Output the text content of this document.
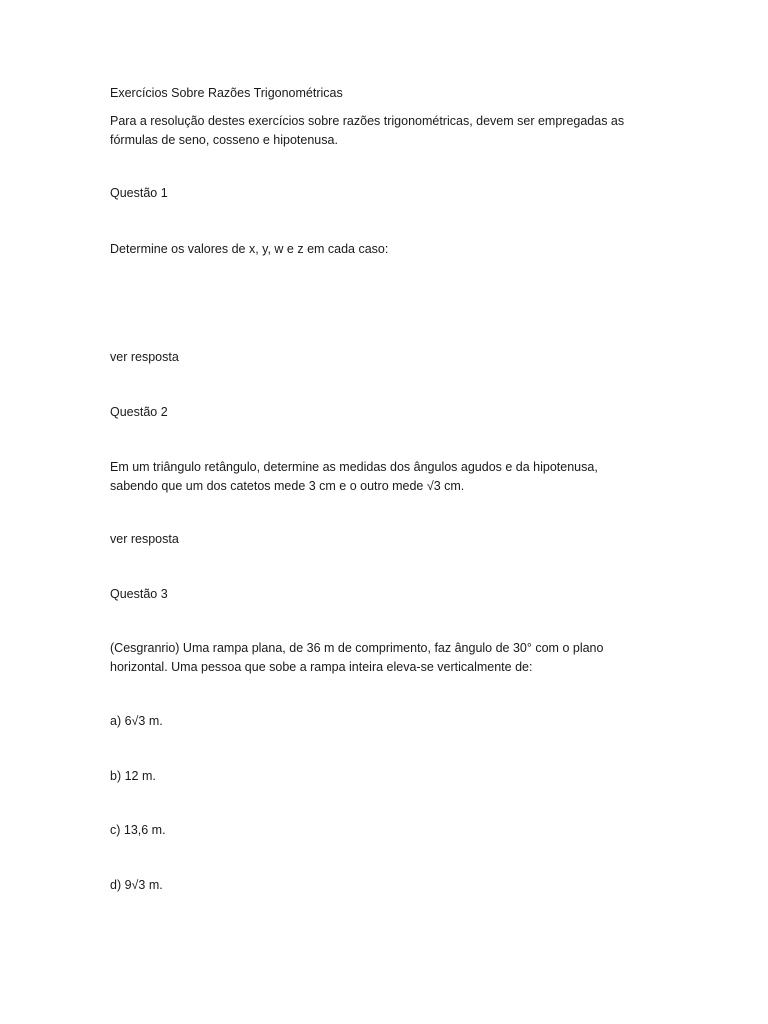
Exercícios Sobre Razões Trigonométricas

Para a resolução destes exercícios sobre razões trigonométricas, devem ser empregadas as
fórmulas de seno, cosseno e hipotenusa.

Questão 1

Determine os valores de x, y, w e z em cada caso:

ver resposta

Questão 2

Em um triângulo retângulo, determine as medidas dos ângulos agudos e da hipotenusa,
sabendo que um dos catetos mede 3 cm e o outro mede √3 cm.
ver resposta

Questão 3

(Cesgranrio) Uma rampa plana, de 36 m de comprimento, faz ângulo de 30° com o plano
horizontal. Uma pessoa que sobe a rampa inteira eleva-se verticalmente de:

a) 6√3 m.

b) 12 m.

c) 13,6 m.

d) 9√3 m.
